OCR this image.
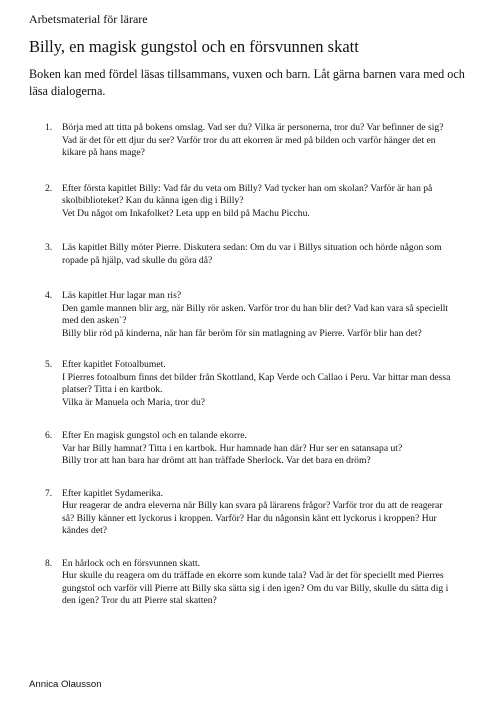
Arbetsmaterial för lärare
Billy, en magisk gungstol och en försvunnen skatt
Boken kan med fördel läsas tillsammans, vuxen och barn. Låt gärna barnen vara med och läsa dialogerna.
1.	Börja med att titta på bokens omslag. Vad ser du? Vilka är personerna, tror du? Var befinner de sig? Vad är det för ett djur du ser? Varför tror du att ekorren är med på bilden och varför hänger det en kikare på hans mage?
2.	Efter första kapitlet Billy: Vad får du veta om Billy? Vad tycker han om skolan? Varför är han på skolbiblioteket? Kan du känna igen dig i Billy?
Vet Du något om Inkafolket? Leta upp en bild på Machu Picchu.
3.	Läs kapitlet Billy möter Pierre. Diskutera sedan: Om du var i Billys situation och hörde någon som ropade på hjälp, vad skulle du göra då?
4.	Läs kapitlet Hur lagar man ris?
Den gamle mannen blir arg, när Billy rör asken. Varför tror du han blir det? Vad kan vara så speciellt med den asken`?
Billy blir röd på kinderna, när han får beröm för sin matlagning av Pierre. Varför blir han det?
5.	Efter kapitlet Fotoalbumet.
I Pierres fotoalbum finns det bilder från Skottland, Kap Verde och Callao i Peru. Var hittar man dessa platser? Titta i en kartbok.
Vilka är Manuela och Maria, tror du?
6.	Efter En magisk gungstol och en talande ekorre.
Var har Billy hamnat? Titta i en kartbok. Hur hamnade han där? Hur ser en satansapa ut?
Billy tror att han bara har drömt att han träffade Sherlock. Var det bara en dröm?
7.	Efter kapitlet Sydamerika.
Hur reagerar de andra eleverna när Billy kan svara på lärarens frågor? Varför tror du att de reagerar så? Billy känner ett lyckorus i kroppen. Varför? Har du någonsin känt ett lyckorus i kroppen? Hur kändes det?
8.	En hårlock och en försvunnen skatt.
Hur skulle du reagera om du träffade en ekorre som kunde tala? Vad är det för speciellt med Pierres gungstol och varför vill Pierre att Billy ska sätta sig i den igen? Om du var Billy, skulle du sätta dig i den igen? Tror du att Pierre stal skatten?
Annica Olausson
